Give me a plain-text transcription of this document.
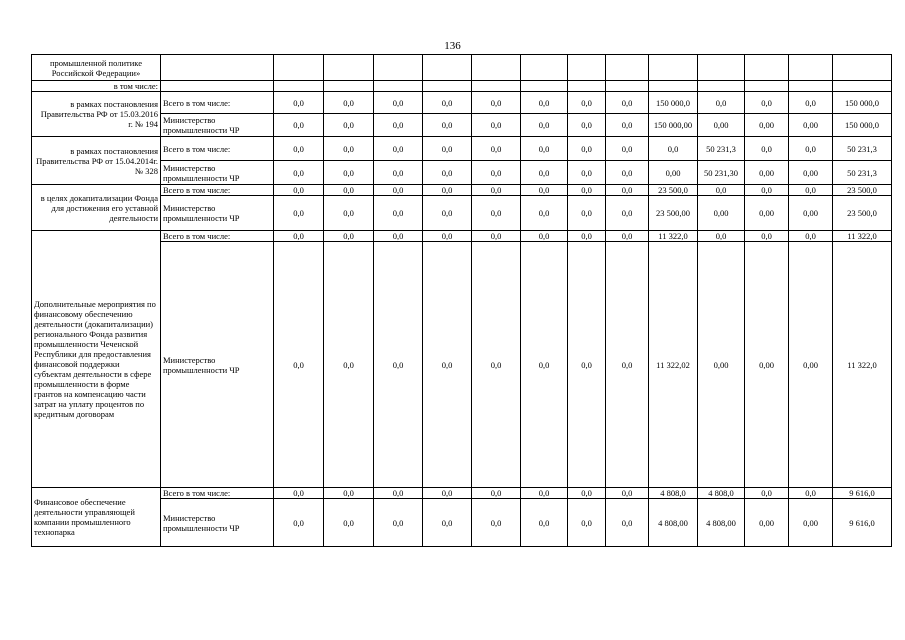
136
промышленной политике Российской Федерации»														
в том числе:														
в рамках постановления Правительства РФ от 15.03.2016 г. № 194	Всего в том числе:	0,0	0,0	0,0	0,0	0,0	0,0	0,0	0,0	150 000,0	0,0	0,0	0,0	150 000,0
	Министерство промышленности ЧР	0,0	0,0	0,0	0,0	0,0	0,0	0,0	0,0	150 000,00	0,00	0,00	0,00	150 000,0
в рамках постановления Правительства РФ от 15.04.2014г. № 328	Всего в том числе:	0,0	0,0	0,0	0,0	0,0	0,0	0,0	0,0	0,0	50 231,3	0,0	0,0	50 231,3
	Министерство промышленности ЧР	0,0	0,0	0,0	0,0	0,0	0,0	0,0	0,0	0,00	50 231,30	0,00	0,00	50 231,3
в целях докапитализации Фонда для достижения его уставной деятельности	Всего в том числе:	0,0	0,0	0,0	0,0	0,0	0,0	0,0	0,0	23 500,0	0,0	0,0	0,0	23 500,0
	Министерство промышленности ЧР	0,0	0,0	0,0	0,0	0,0	0,0	0,0	0,0	23 500,00	0,00	0,00	0,00	23 500,0
Дополнительные мероприятия по финансовому обеспечению деятельности (докапитализации) регионального Фонда развития промышленности Чеченской Республики для предоставления финансовой поддержки субъектам деятельности в сфере промышленности в форме грантов на компенсацию части затрат на уплату процентов по кредитным договорам	Всего в том числе:	0,0	0,0	0,0	0,0	0,0	0,0	0,0	0,0	11 322,0	0,0	0,0	0,0	11 322,0
	Министерство промышленности ЧР	0,0	0,0	0,0	0,0	0,0	0,0	0,0	0,0	11 322,02	0,00	0,00	0,00	11 322,0
Финансовое обеспечение деятельности управляющей компании промышленного технопарка	Всего в том числе:	0,0	0,0	0,0	0,0	0,0	0,0	0,0	0,0	4 808,0	4 808,0	0,0	0,0	9 616,0
	Министерство промышленности ЧР	0,0	0,0	0,0	0,0	0,0	0,0	0,0	0,0	4 808,00	4 808,00	0,00	0,00	9 616,0
